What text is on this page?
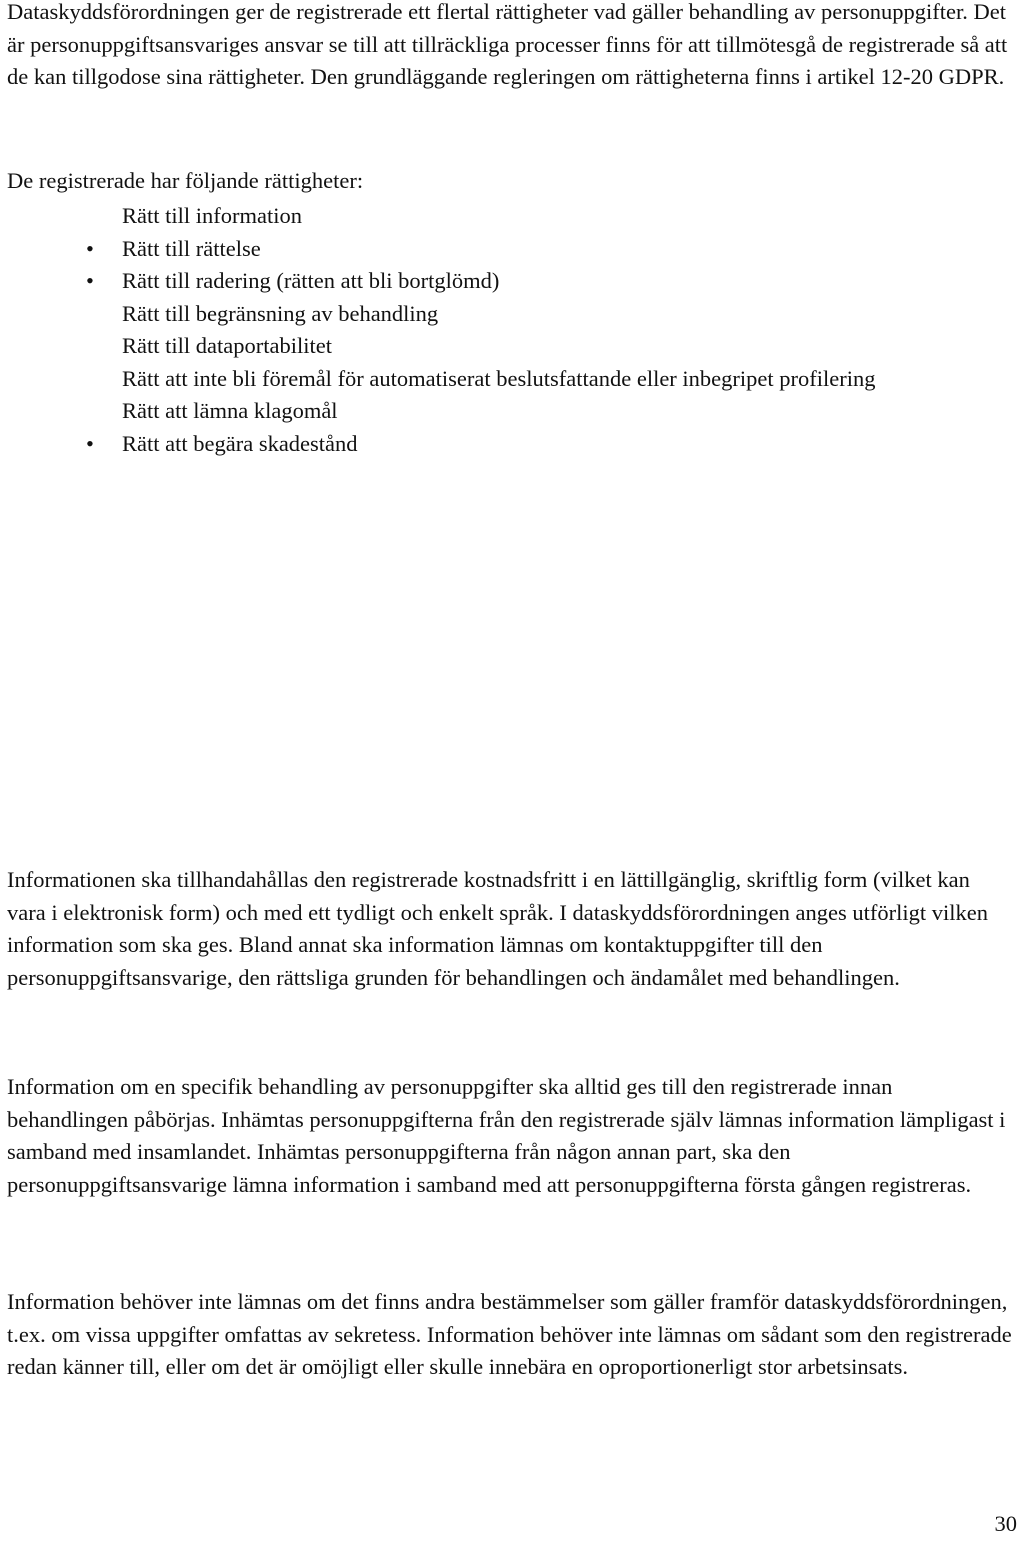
Dataskyddsförordningen ger de registrerade ett flertal rättigheter vad gäller behandling av personuppgifter. Det är personuppgiftsansvariges ansvar se till att tillräckliga processer finns för att tillmötesgå de registrerade så att de kan tillgodose sina rättigheter. Den grundläggande regleringen om rättigheterna finns i artikel 12-20 GDPR.

De registrerade har följande rättigheter:

Rätt till information
• Rätt till rättelse
• Rätt till radering (rätten att bli bortglömd)
Rätt till begränsning av behandling
Rätt till dataportabilitet
Rätt att inte bli föremål för automatiserat beslutsfattande eller inbegripet profilering
Rätt att lämna klagomål
• Rätt att begära skadestånd

Informationen ska tillhandahållas den registrerade kostnadsfritt i en lättillgänglig, skriftlig form (vilket kan vara i elektronisk form) och med ett tydligt och enkelt språk. I dataskyddsförordningen anges utförligt vilken information som ska ges. Bland annat ska information lämnas om kontaktuppgifter till den personuppgiftsansvarige, den rättsliga grunden för behandlingen och ändamålet med behandlingen.

Information om en specifik behandling av personuppgifter ska alltid ges till den registrerade innan behandlingen påbörjas. Inhämtas personuppgifterna från den registrerade själv lämnas information lämpligast i samband med insamlandet. Inhämtas personuppgifterna från någon annan part, ska den personuppgiftsansvarige lämna information i samband med att personuppgifterna första gången registreras.

Information behöver inte lämnas om det finns andra bestämmelser som gäller framför dataskyddsförordningen, t.ex. om vissa uppgifter omfattas av sekretess. Information behöver inte lämnas om sådant som den registrerade redan känner till, eller om det är omöjligt eller skulle innebära en oproportionerligt stor arbetsinsats.

30
